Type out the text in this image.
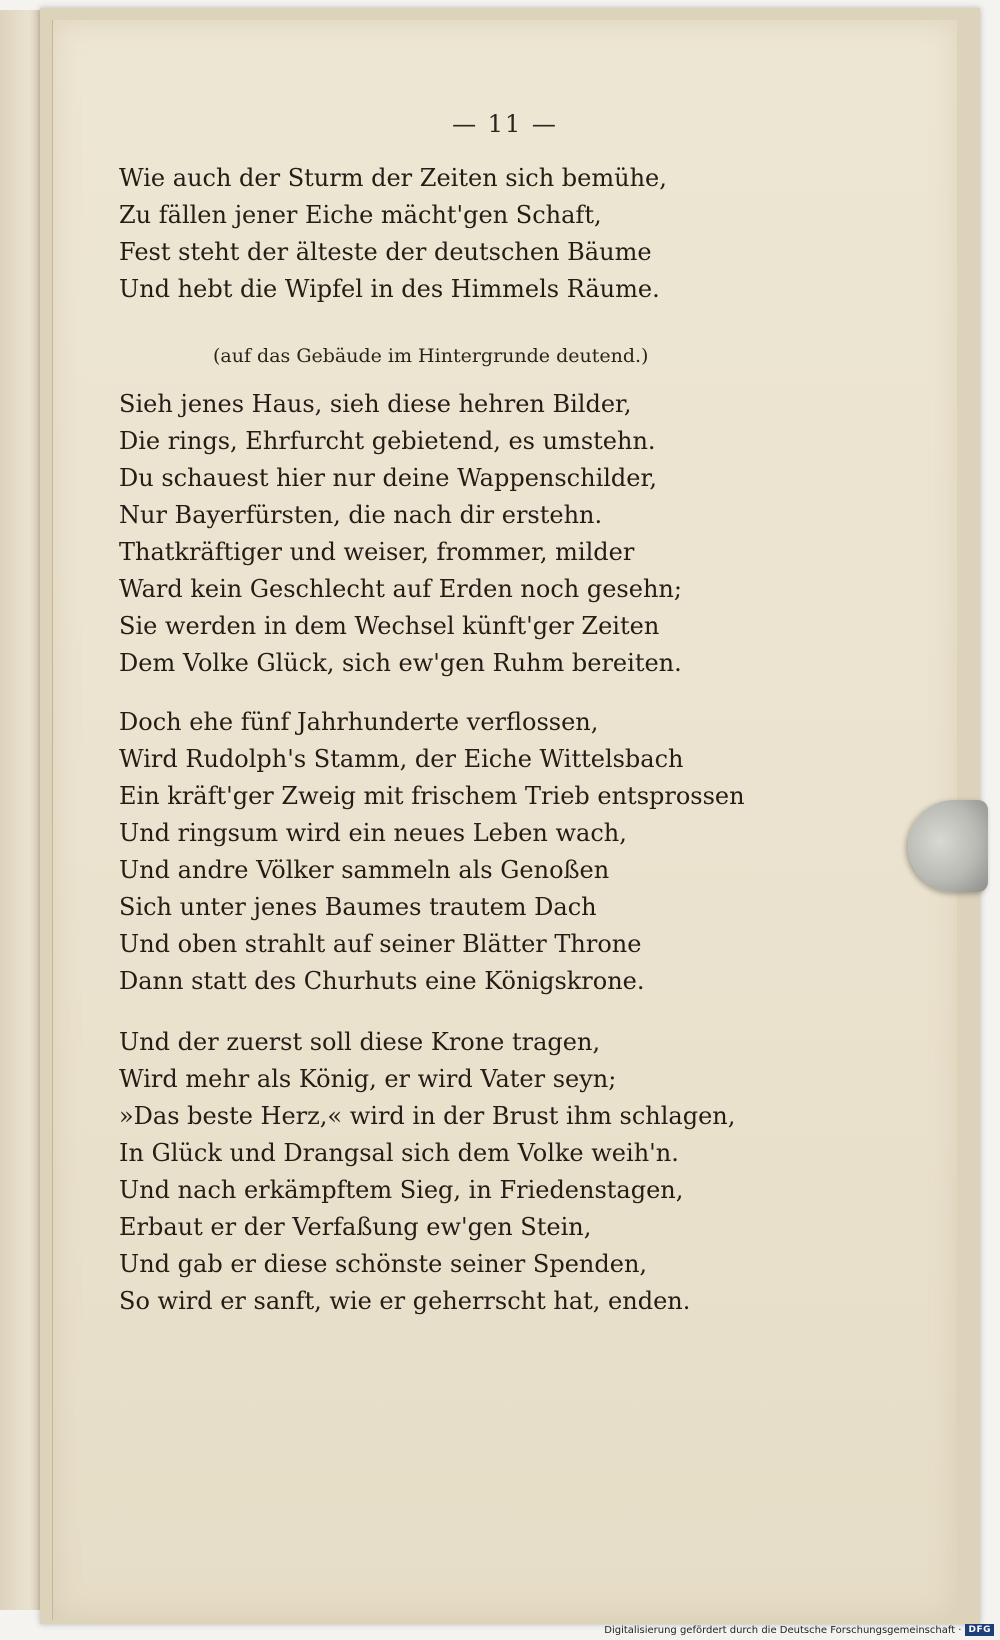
— 11 —
Wie auch der Sturm der Zeiten sich bemühe,
Zu fällen jener Eiche mächt'gen Schaft,
Fest steht der älteste der deutschen Bäume
Und hebt die Wipfel in des Himmels Räume.
(auf das Gebäude im Hintergrunde deutend.)
Sieh jenes Haus, sieh diese hehren Bilder,
Die rings, Ehrfurcht gebietend, es umstehn.
Du schauest hier nur deine Wappenschilder,
Nur Bayerfürsten, die nach dir erstehn.
Thatkräftiger und weiser, frommer, milder
Ward kein Geschlecht auf Erden noch gesehn;
Sie werden in dem Wechsel künft'ger Zeiten
Dem Volke Glück, sich ew'gen Ruhm bereiten.
Doch ehe fünf Jahrhunderte verflossen,
Wird Rudolph's Stamm, der Eiche Wittelsbach
Ein kräft'ger Zweig mit frischem Trieb entsprossen
Und ringsum wird ein neues Leben wach,
Und andre Völker sammeln als Genoßen
Sich unter jenes Baumes trautem Dach
Und oben strahlt auf seiner Blätter Throne
Dann statt des Churhuts eine Königskrone.
Und der zuerst soll diese Krone tragen,
Wird mehr als König, er wird Vater seyn;
»Das beste Herz,« wird in der Brust ihm schlagen,
In Glück und Drangsal sich dem Volke weih'n.
Und nach erkämpftem Sieg, in Friedenstagen,
Erbaut er der Verfaßung ew'gen Stein,
Und gab er diese schönste seiner Spenden,
So wird er sanft, wie er geherrscht hat, enden.
Digitalisierung gefördert durch die Deutsche Forschungsgemeinschaft · DFG
